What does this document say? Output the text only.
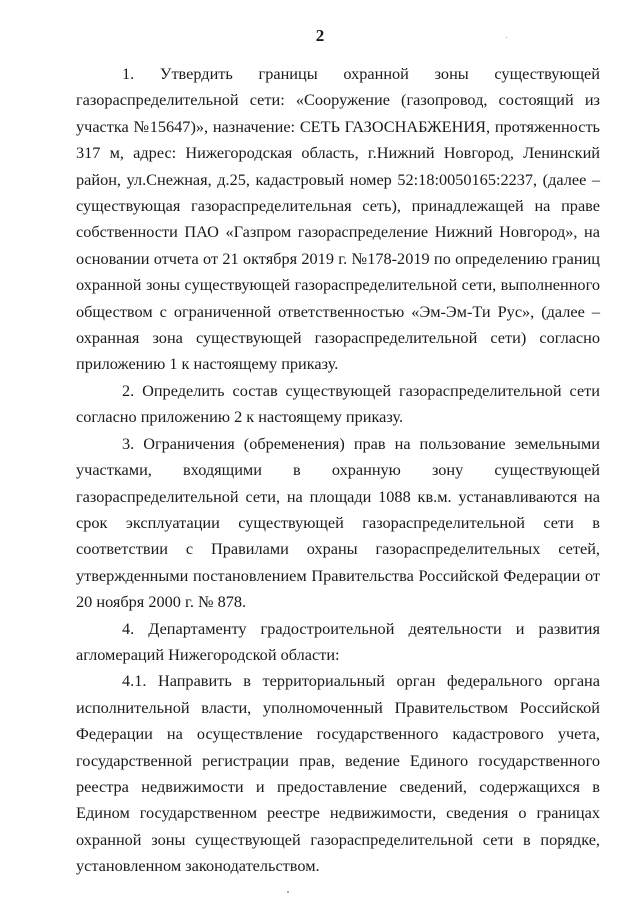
2

1. Утвердить границы охранной зоны существующей газораспределительной сети: «Сооружение (газопровод, состоящий из участка №15647)», назначение: СЕТЬ ГАЗОСНАБЖЕНИЯ, протяженность 317 м, адрес: Нижегородская область, г.Нижний Новгород, Ленинский район, ул.Снежная, д.25, кадастровый номер 52:18:0050165:2237, (далее – существующая газораспределительная сеть), принадлежащей на праве собственности ПАО «Газпром газораспределение Нижний Новгород», на основании отчета от 21 октября 2019 г. №178-2019 по определению границ охранной зоны существующей газораспределительной сети, выполненного обществом с ограниченной ответственностью «Эм-Эм-Ти Рус», (далее – охранная зона существующей газораспределительной сети) согласно приложению 1 к настоящему приказу.

2. Определить состав существующей газораспределительной сети согласно приложению 2 к настоящему приказу.

3. Ограничения (обременения) прав на пользование земельными участками, входящими в охранную зону существующей газораспределительной сети, на площади 1088 кв.м. устанавливаются на срок эксплуатации существующей газораспределительной сети в соответствии с Правилами охраны газораспределительных сетей, утвержденными постановлением Правительства Российской Федерации от 20 ноября 2000 г. № 878.

4. Департаменту градостроительной деятельности и развития агломераций Нижегородской области:

4.1. Направить в территориальный орган федерального органа исполнительной власти, уполномоченный Правительством Российской Федерации на осуществление государственного кадастрового учета, государственной регистрации прав, ведение Единого государственного реестра недвижимости и предоставление сведений, содержащихся в Едином государственном реестре недвижимости, сведения о границах охранной зоны существующей газораспределительной сети в порядке, установленном законодательством.
